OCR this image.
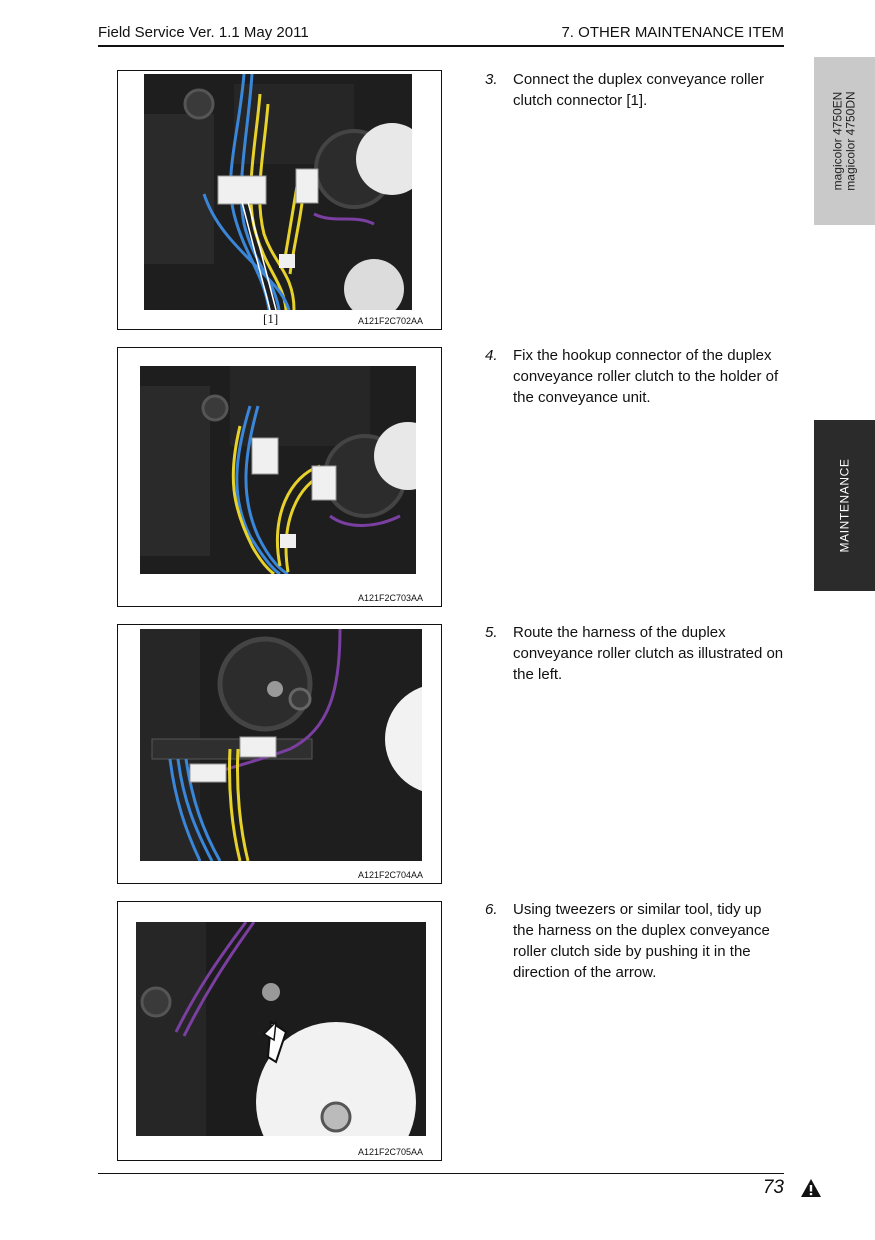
Field Service Ver. 1.1 May 2011	7. OTHER MAINTENANCE ITEM
magicolor 4750EN magicolor 4750DN
MAINTENANCE
[1]	A121F2C702AA
A121F2C703AA
A121F2C704AA
A121F2C705AA
3. Connect the duplex conveyance roller clutch connector [1].
4. Fix the hookup connector of the duplex conveyance roller clutch to the holder of the conveyance unit.
5. Route the harness of the duplex conveyance roller clutch as illustrated on the left.
6. Using tweezers or similar tool, tidy up the harness on the duplex conveyance roller clutch side by pushing it in the direction of the arrow.
73
